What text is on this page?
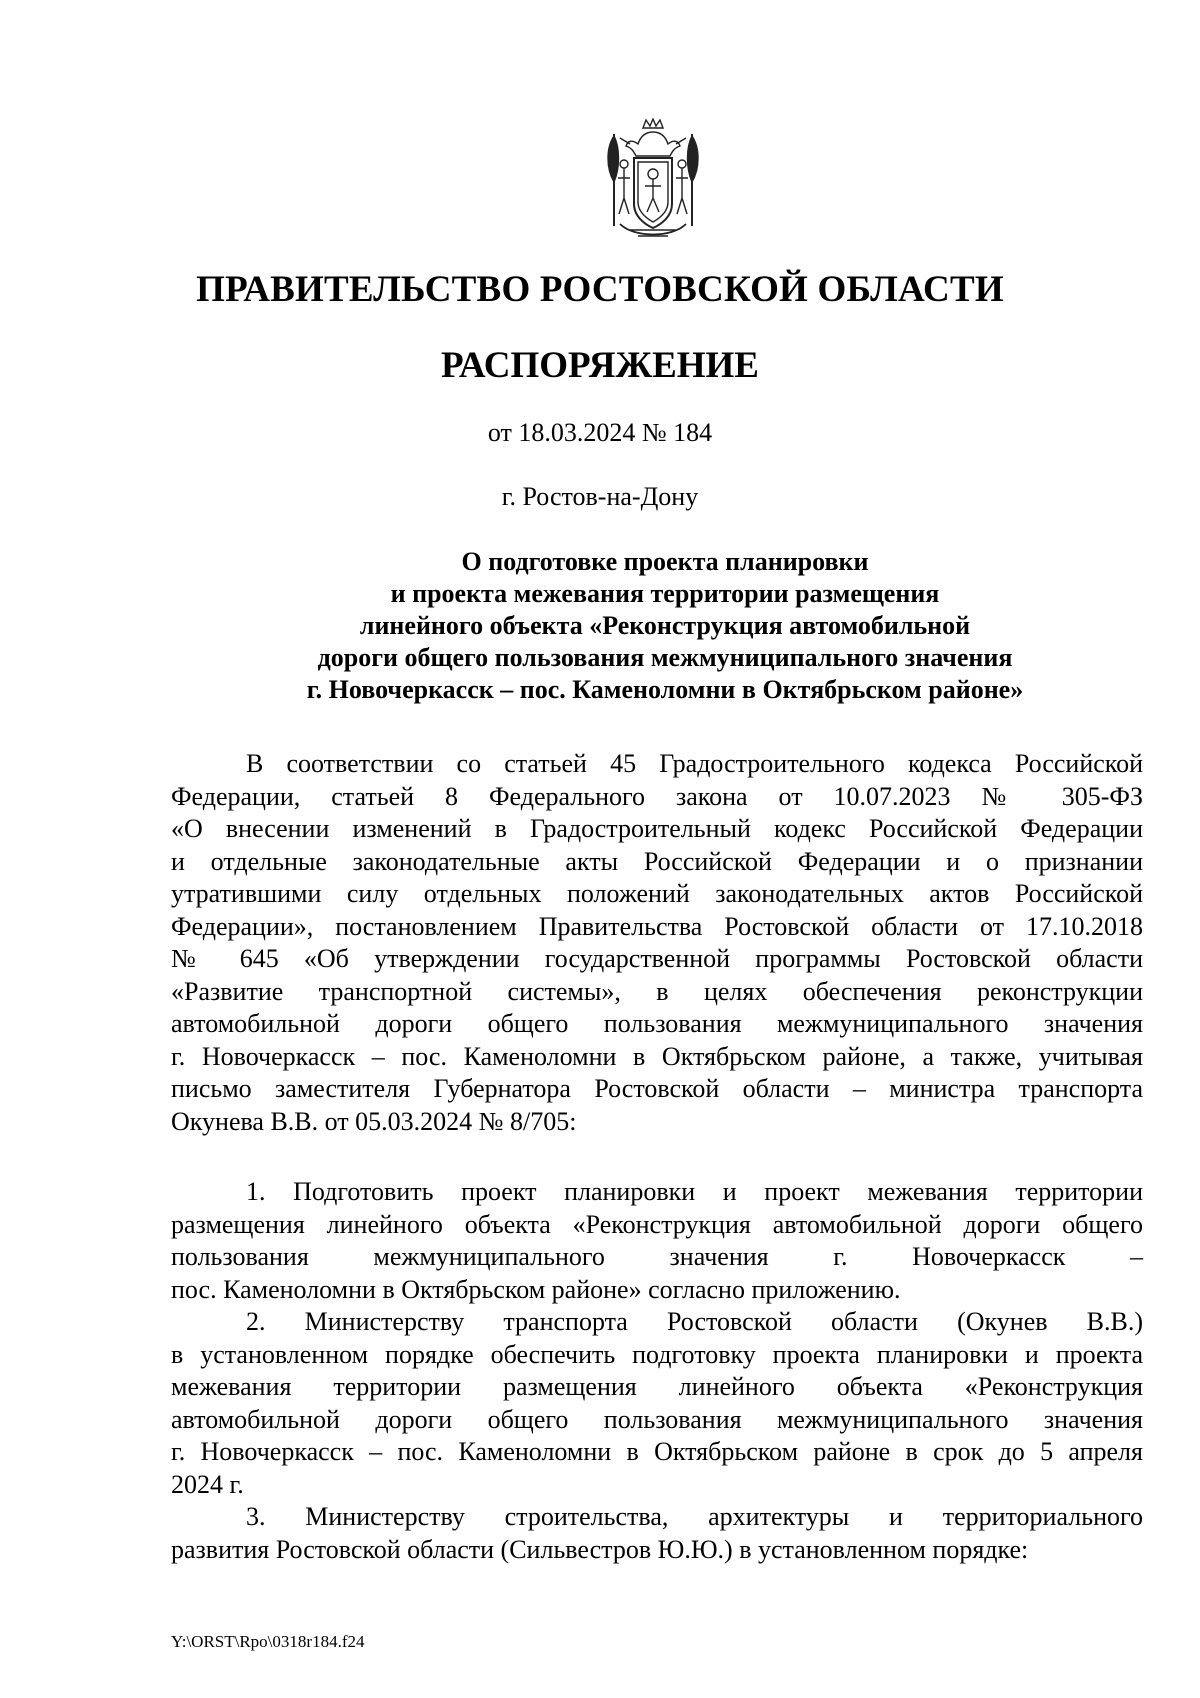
ПРАВИТЕЛЬСТВО РОСТОВСКОЙ ОБЛАСТИ
РАСПОРЯЖЕНИЕ
от 18.03.2024 № 184
г. Ростов-на-Дону
О подготовке проекта планировки
и проекта межевания территории размещения
линейного объекта «Реконструкция автомобильной
дороги общего пользования межмуниципального значения
г. Новочеркасск – пос. Каменоломни в Октябрьском районе»
В соответствии со статьей 45 Градостроительного кодекса Российской
Федерации, статьей 8 Федерального закона от 10.07.2023 № 305-ФЗ
«О внесении изменений в Градостроительный кодекс Российской Федерации
и отдельные законодательные акты Российской Федерации и о признании
утратившими силу отдельных положений законодательных актов Российской
Федерации», постановлением Правительства Ростовской области от 17.10.2018
№ 645 «Об утверждении государственной программы Ростовской области
«Развитие транспортной системы», в целях обеспечения реконструкции
автомобильной дороги общего пользования межмуниципального значения
г. Новочеркасск – пос. Каменоломни в Октябрьском районе, а также, учитывая
письмо заместителя Губернатора Ростовской области – министра транспорта
Окунева В.В. от 05.03.2024 № 8/705:
1. Подготовить проект планировки и проект межевания территории
размещения линейного объекта «Реконструкция автомобильной дороги общего
пользования межмуниципального значения г. Новочеркасск –
пос. Каменоломни в Октябрьском районе» согласно приложению.
2. Министерству транспорта Ростовской области (Окунев В.В.)
в установленном порядке обеспечить подготовку проекта планировки и проекта
межевания территории размещения линейного объекта «Реконструкция
автомобильной дороги общего пользования межмуниципального значения
г. Новочеркасск – пос. Каменоломни в Октябрьском районе в срок до 5 апреля
2024 г.
3. Министерству строительства, архитектуры и территориального
развития Ростовской области (Сильвестров Ю.Ю.) в установленном порядке:
Y:\ORST\Rpo\0318r184.f24
